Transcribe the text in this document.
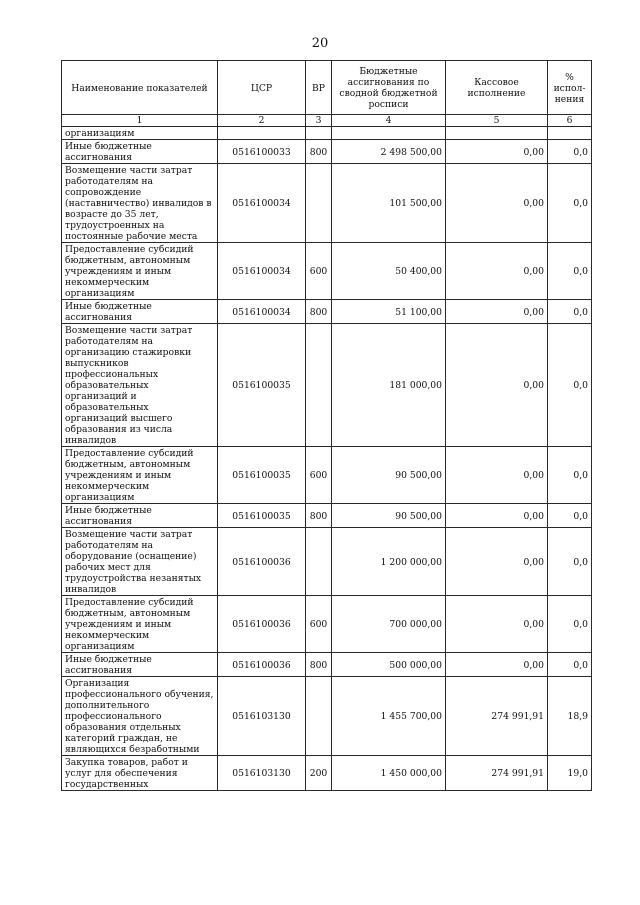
20
Наименование показателей	ЦСР	ВР	Бюджетные ассигнования по сводной бюджетной росписи	Кассовое исполнение	% испол-нения
1	2	3	4	5	6
организациям					
Иные бюджетные ассигнования	0516100033	800	2 498 500,00	0,00	0,0
Возмещение части затрат работодателям на сопровождение (наставничество) инвалидов в возрасте до 35 лет, трудоустроенных на постоянные рабочие места	0516100034		101 500,00	0,00	0,0
Предоставление субсидий бюджетным, автономным учреждениям и иным некоммерческим организациям	0516100034	600	50 400,00	0,00	0,0
Иные бюджетные ассигнования	0516100034	800	51 100,00	0,00	0,0
Возмещение части затрат работодателям на организацию стажировки выпускников профессиональных образовательных организаций и образовательных организаций высшего образования из числа инвалидов	0516100035		181 000,00	0,00	0,0
Предоставление субсидий бюджетным, автономным учреждениям и иным некоммерческим организациям	0516100035	600	90 500,00	0,00	0,0
Иные бюджетные ассигнования	0516100035	800	90 500,00	0,00	0,0
Возмещение части затрат работодателям на оборудование (оснащение) рабочих мест для трудоустройства незанятых инвалидов	0516100036		1 200 000,00	0,00	0,0
Предоставление субсидий бюджетным, автономным учреждениям и иным некоммерческим организациям	0516100036	600	700 000,00	0,00	0,0
Иные бюджетные ассигнования	0516100036	800	500 000,00	0,00	0,0
Организация профессионального обучения, дополнительного профессионального образования отдельных категорий граждан, не являющихся безработными	0516103130		1 455 700,00	274 991,91	18,9
Закупка товаров, работ и услуг для обеспечения государственных	0516103130	200	1 450 000,00	274 991,91	19,0
